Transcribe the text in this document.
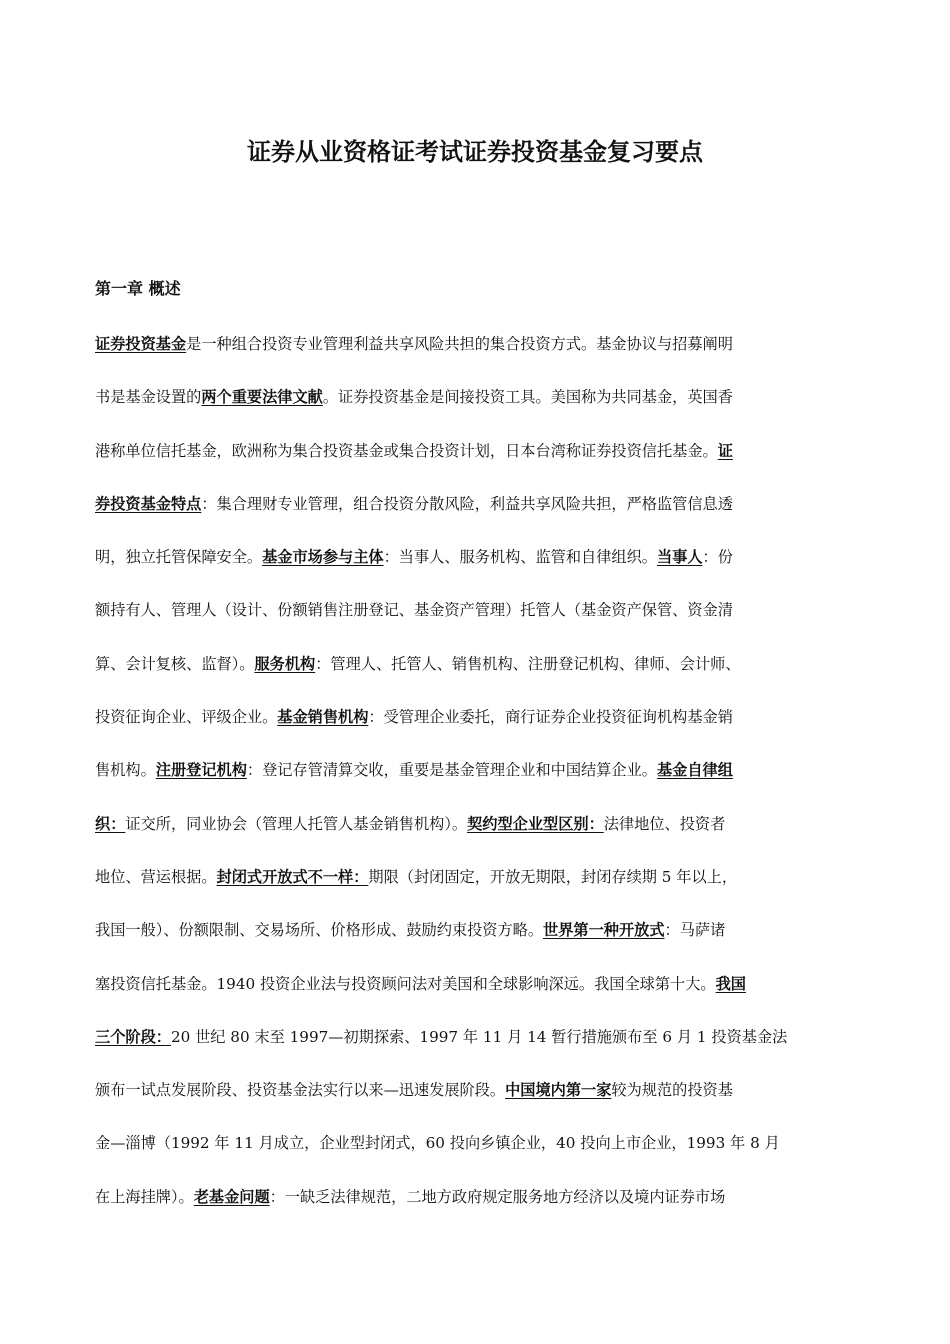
证券从业资格证考试证券投资基金复习要点
第一章 概述
证券投资基金是一种组合投资专业管理利益共享风险共担的集合投资方式。基金协议与招募阐明
书是基金设置的两个重要法律文献。证券投资基金是间接投资工具。美国称为共同基金，英国香
港称单位信托基金，欧洲称为集合投资基金或集合投资计划，日本台湾称证券投资信托基金。证
券投资基金特点：集合理财专业管理，组合投资分散风险，利益共享风险共担，严格监管信息透
明，独立托管保障安全。基金市场参与主体：当事人、服务机构、监管和自律组织。当事人：份
额持有人、管理人（设计、份额销售注册登记、基金资产管理）托管人（基金资产保管、资金清
算、会计复核、监督）。服务机构：管理人、托管人、销售机构、注册登记机构、律师、会计师、
投资征询企业、评级企业。基金销售机构：受管理企业委托，商行证券企业投资征询机构基金销
售机构。注册登记机构：登记存管清算交收，重要是基金管理企业和中国结算企业。基金自律组
织：证交所，同业协会（管理人托管人基金销售机构）。契约型企业型区别：法律地位、投资者
地位、营运根据。封闭式开放式不一样：期限（封闭固定，开放无期限，封闭存续期 5 年以上，
我国一般）、份额限制、交易场所、价格形成、鼓励约束投资方略。世界第一种开放式：马萨诸
塞投资信托基金。1940 投资企业法与投资顾问法对美国和全球影响深远。我国全球第十大。我国
三个阶段：20 世纪 80 末至 1997—初期探索、1997 年 11 月 14 暂行措施颁布至 6 月 1 投资基金法
颁布一试点发展阶段、投资基金法实行以来—迅速发展阶段。中国境内第一家较为规范的投资基
金—淄博（1992 年 11 月成立，企业型封闭式，60 投向乡镇企业，40 投向上市企业，1993 年 8 月
在上海挂牌）。老基金问题：一缺乏法律规范，二地方政府规定服务地方经济以及境内证券市场
